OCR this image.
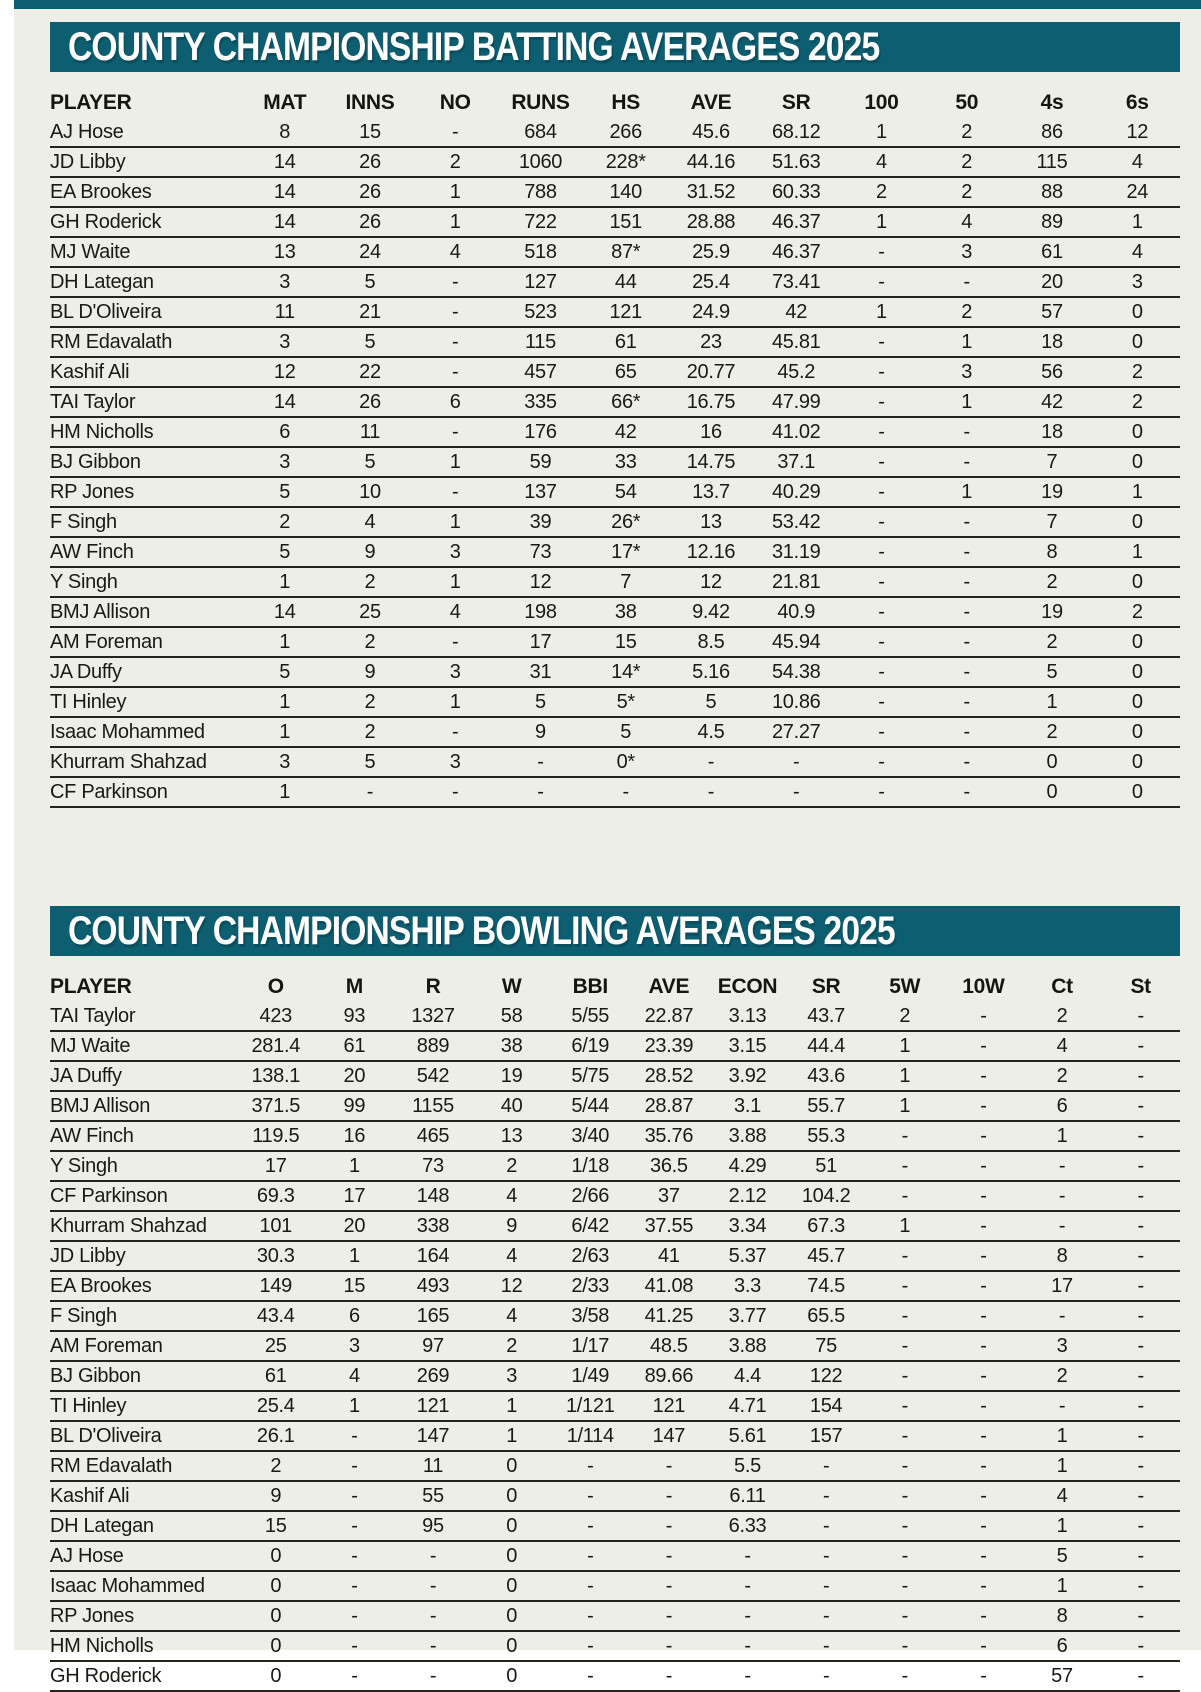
COUNTY CHAMPIONSHIP BATTING AVERAGES 2025
PLAYER	MAT	INNS	NO	RUNS	HS	AVE	SR	100	50	4s	6s
AJ Hose	8	15	-	684	266	45.6	68.12	1	2	86	12
JD Libby	14	26	2	1060	228*	44.16	51.63	4	2	115	4
EA Brookes	14	26	1	788	140	31.52	60.33	2	2	88	24
GH Roderick	14	26	1	722	151	28.88	46.37	1	4	89	1
MJ Waite	13	24	4	518	87*	25.9	46.37	-	3	61	4
DH Lategan	3	5	-	127	44	25.4	73.41	-	-	20	3
BL D'Oliveira	11	21	-	523	121	24.9	42	1	2	57	0
RM Edavalath	3	5	-	115	61	23	45.81	-	1	18	0
Kashif Ali	12	22	-	457	65	20.77	45.2	-	3	56	2
TAI Taylor	14	26	6	335	66*	16.75	47.99	-	1	42	2
HM Nicholls	6	11	-	176	42	16	41.02	-	-	18	0
BJ Gibbon	3	5	1	59	33	14.75	37.1	-	-	7	0
RP Jones	5	10	-	137	54	13.7	40.29	-	1	19	1
F Singh	2	4	1	39	26*	13	53.42	-	-	7	0
AW Finch	5	9	3	73	17*	12.16	31.19	-	-	8	1
Y Singh	1	2	1	12	7	12	21.81	-	-	2	0
BMJ Allison	14	25	4	198	38	9.42	40.9	-	-	19	2
AM Foreman	1	2	-	17	15	8.5	45.94	-	-	2	0
JA Duffy	5	9	3	31	14*	5.16	54.38	-	-	5	0
TI Hinley	1	2	1	5	5*	5	10.86	-	-	1	0
Isaac Mohammed	1	2	-	9	5	4.5	27.27	-	-	2	0
Khurram Shahzad	3	5	3	-	0*	-	-	-	-	0	0
CF Parkinson	1	-	-	-	-	-	-	-	-	0	0
COUNTY CHAMPIONSHIP BOWLING AVERAGES 2025
PLAYER	O	M	R	W	BBI	AVE	ECON	SR	5W	10W	Ct	St
TAI Taylor	423	93	1327	58	5/55	22.87	3.13	43.7	2	-	2	-
MJ Waite	281.4	61	889	38	6/19	23.39	3.15	44.4	1	-	4	-
JA Duffy	138.1	20	542	19	5/75	28.52	3.92	43.6	1	-	2	-
BMJ Allison	371.5	99	1155	40	5/44	28.87	3.1	55.7	1	-	6	-
AW Finch	119.5	16	465	13	3/40	35.76	3.88	55.3	-	-	1	-
Y Singh	17	1	73	2	1/18	36.5	4.29	51	-	-	-	-
CF Parkinson	69.3	17	148	4	2/66	37	2.12	104.2	-	-	-	-
Khurram Shahzad	101	20	338	9	6/42	37.55	3.34	67.3	1	-	-	-
JD Libby	30.3	1	164	4	2/63	41	5.37	45.7	-	-	8	-
EA Brookes	149	15	493	12	2/33	41.08	3.3	74.5	-	-	17	-
F Singh	43.4	6	165	4	3/58	41.25	3.77	65.5	-	-	-	-
AM Foreman	25	3	97	2	1/17	48.5	3.88	75	-	-	3	-
BJ Gibbon	61	4	269	3	1/49	89.66	4.4	122	-	-	2	-
TI Hinley	25.4	1	121	1	1/121	121	4.71	154	-	-	-	-
BL D'Oliveira	26.1	-	147	1	1/114	147	5.61	157	-	-	1	-
RM Edavalath	2	-	11	0	-	-	5.5	-	-	-	1	-
Kashif Ali	9	-	55	0	-	-	6.11	-	-	-	4	-
DH Lategan	15	-	95	0	-	-	6.33	-	-	-	1	-
AJ Hose	0	-	-	0	-	-	-	-	-	-	5	-
Isaac Mohammed	0	-	-	0	-	-	-	-	-	-	1	-
RP Jones	0	-	-	0	-	-	-	-	-	-	8	-
HM Nicholls	0	-	-	0	-	-	-	-	-	-	6	-
GH Roderick	0	-	-	0	-	-	-	-	-	-	57	-
